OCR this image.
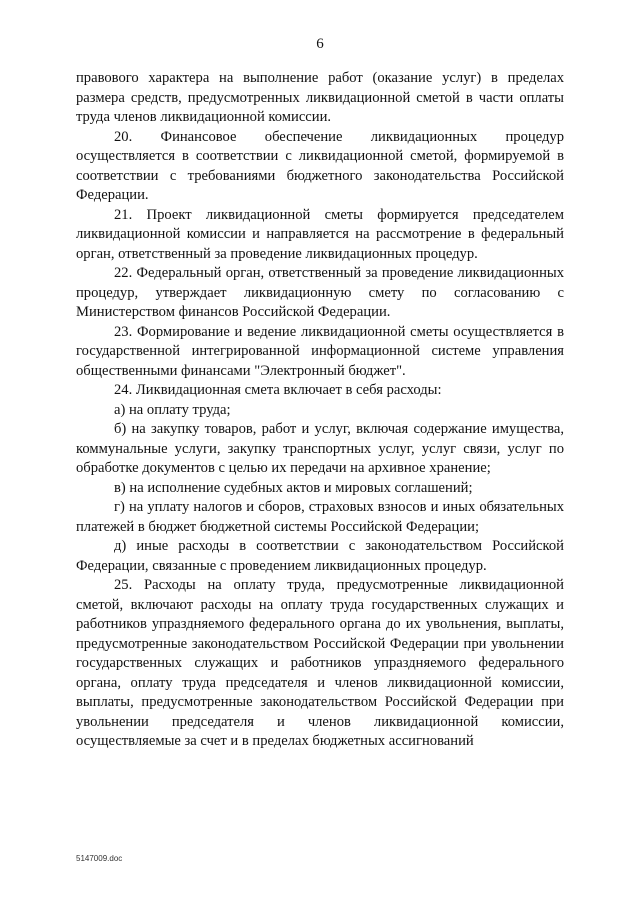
6

правового характера на выполнение работ (оказание услуг) в пределах размера средств, предусмотренных ликвидационной сметой в части оплаты труда членов ликвидационной комиссии.

20. Финансовое обеспечение ликвидационных процедур осуществляется в соответствии с ликвидационной сметой, формируемой в соответствии с требованиями бюджетного законодательства Российской Федерации.

21. Проект ликвидационной сметы формируется председателем ликвидационной комиссии и направляется на рассмотрение в федеральный орган, ответственный за проведение ликвидационных процедур.

22. Федеральный орган, ответственный за проведение ликвидационных процедур, утверждает ликвидационную смету по согласованию с Министерством финансов Российской Федерации.

23. Формирование и ведение ликвидационной сметы осуществляется в государственной интегрированной информационной системе управления общественными финансами "Электронный бюджет".

24. Ликвидационная смета включает в себя расходы:

а) на оплату труда;

б) на закупку товаров, работ и услуг, включая содержание имущества, коммунальные услуги, закупку транспортных услуг, услуг связи, услуг по обработке документов с целью их передачи на архивное хранение;

в) на исполнение судебных актов и мировых соглашений;

г) на уплату налогов и сборов, страховых взносов и иных обязательных платежей в бюджет бюджетной системы Российской Федерации;

д) иные расходы в соответствии с законодательством Российской Федерации, связанные с проведением ликвидационных процедур.

25. Расходы на оплату труда, предусмотренные ликвидационной сметой, включают расходы на оплату труда государственных служащих и работников упраздняемого федерального органа до их увольнения, выплаты, предусмотренные законодательством Российской Федерации при увольнении государственных служащих и работников упраздняемого федерального органа, оплату труда председателя и членов ликвидационной комиссии, выплаты, предусмотренные законодательством Российской Федерации при увольнении председателя и членов ликвидационной комиссии, осуществляемые за счет и в пределах бюджетных ассигнований

5147009.doc
